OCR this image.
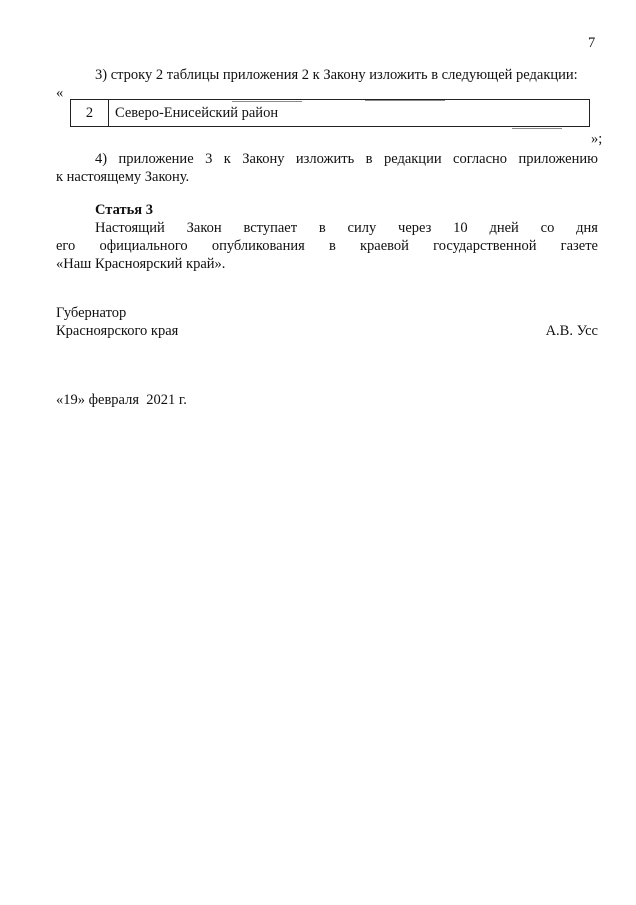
7
3) строку 2 таблицы приложения 2 к Закону изложить в следующей редакции:
«
2	Северо-Енисейский район
»;
4) приложение 3 к Закону изложить в редакции согласно приложению
к настоящему Закону.
Статья 3
Настоящий Закон вступает в силу через 10 дней со дня
его официального опубликования в краевой государственной газете
«Наш Красноярский край».
Губернатор
Красноярского края	А.В. Усс
«19» февраля  2021 г.
